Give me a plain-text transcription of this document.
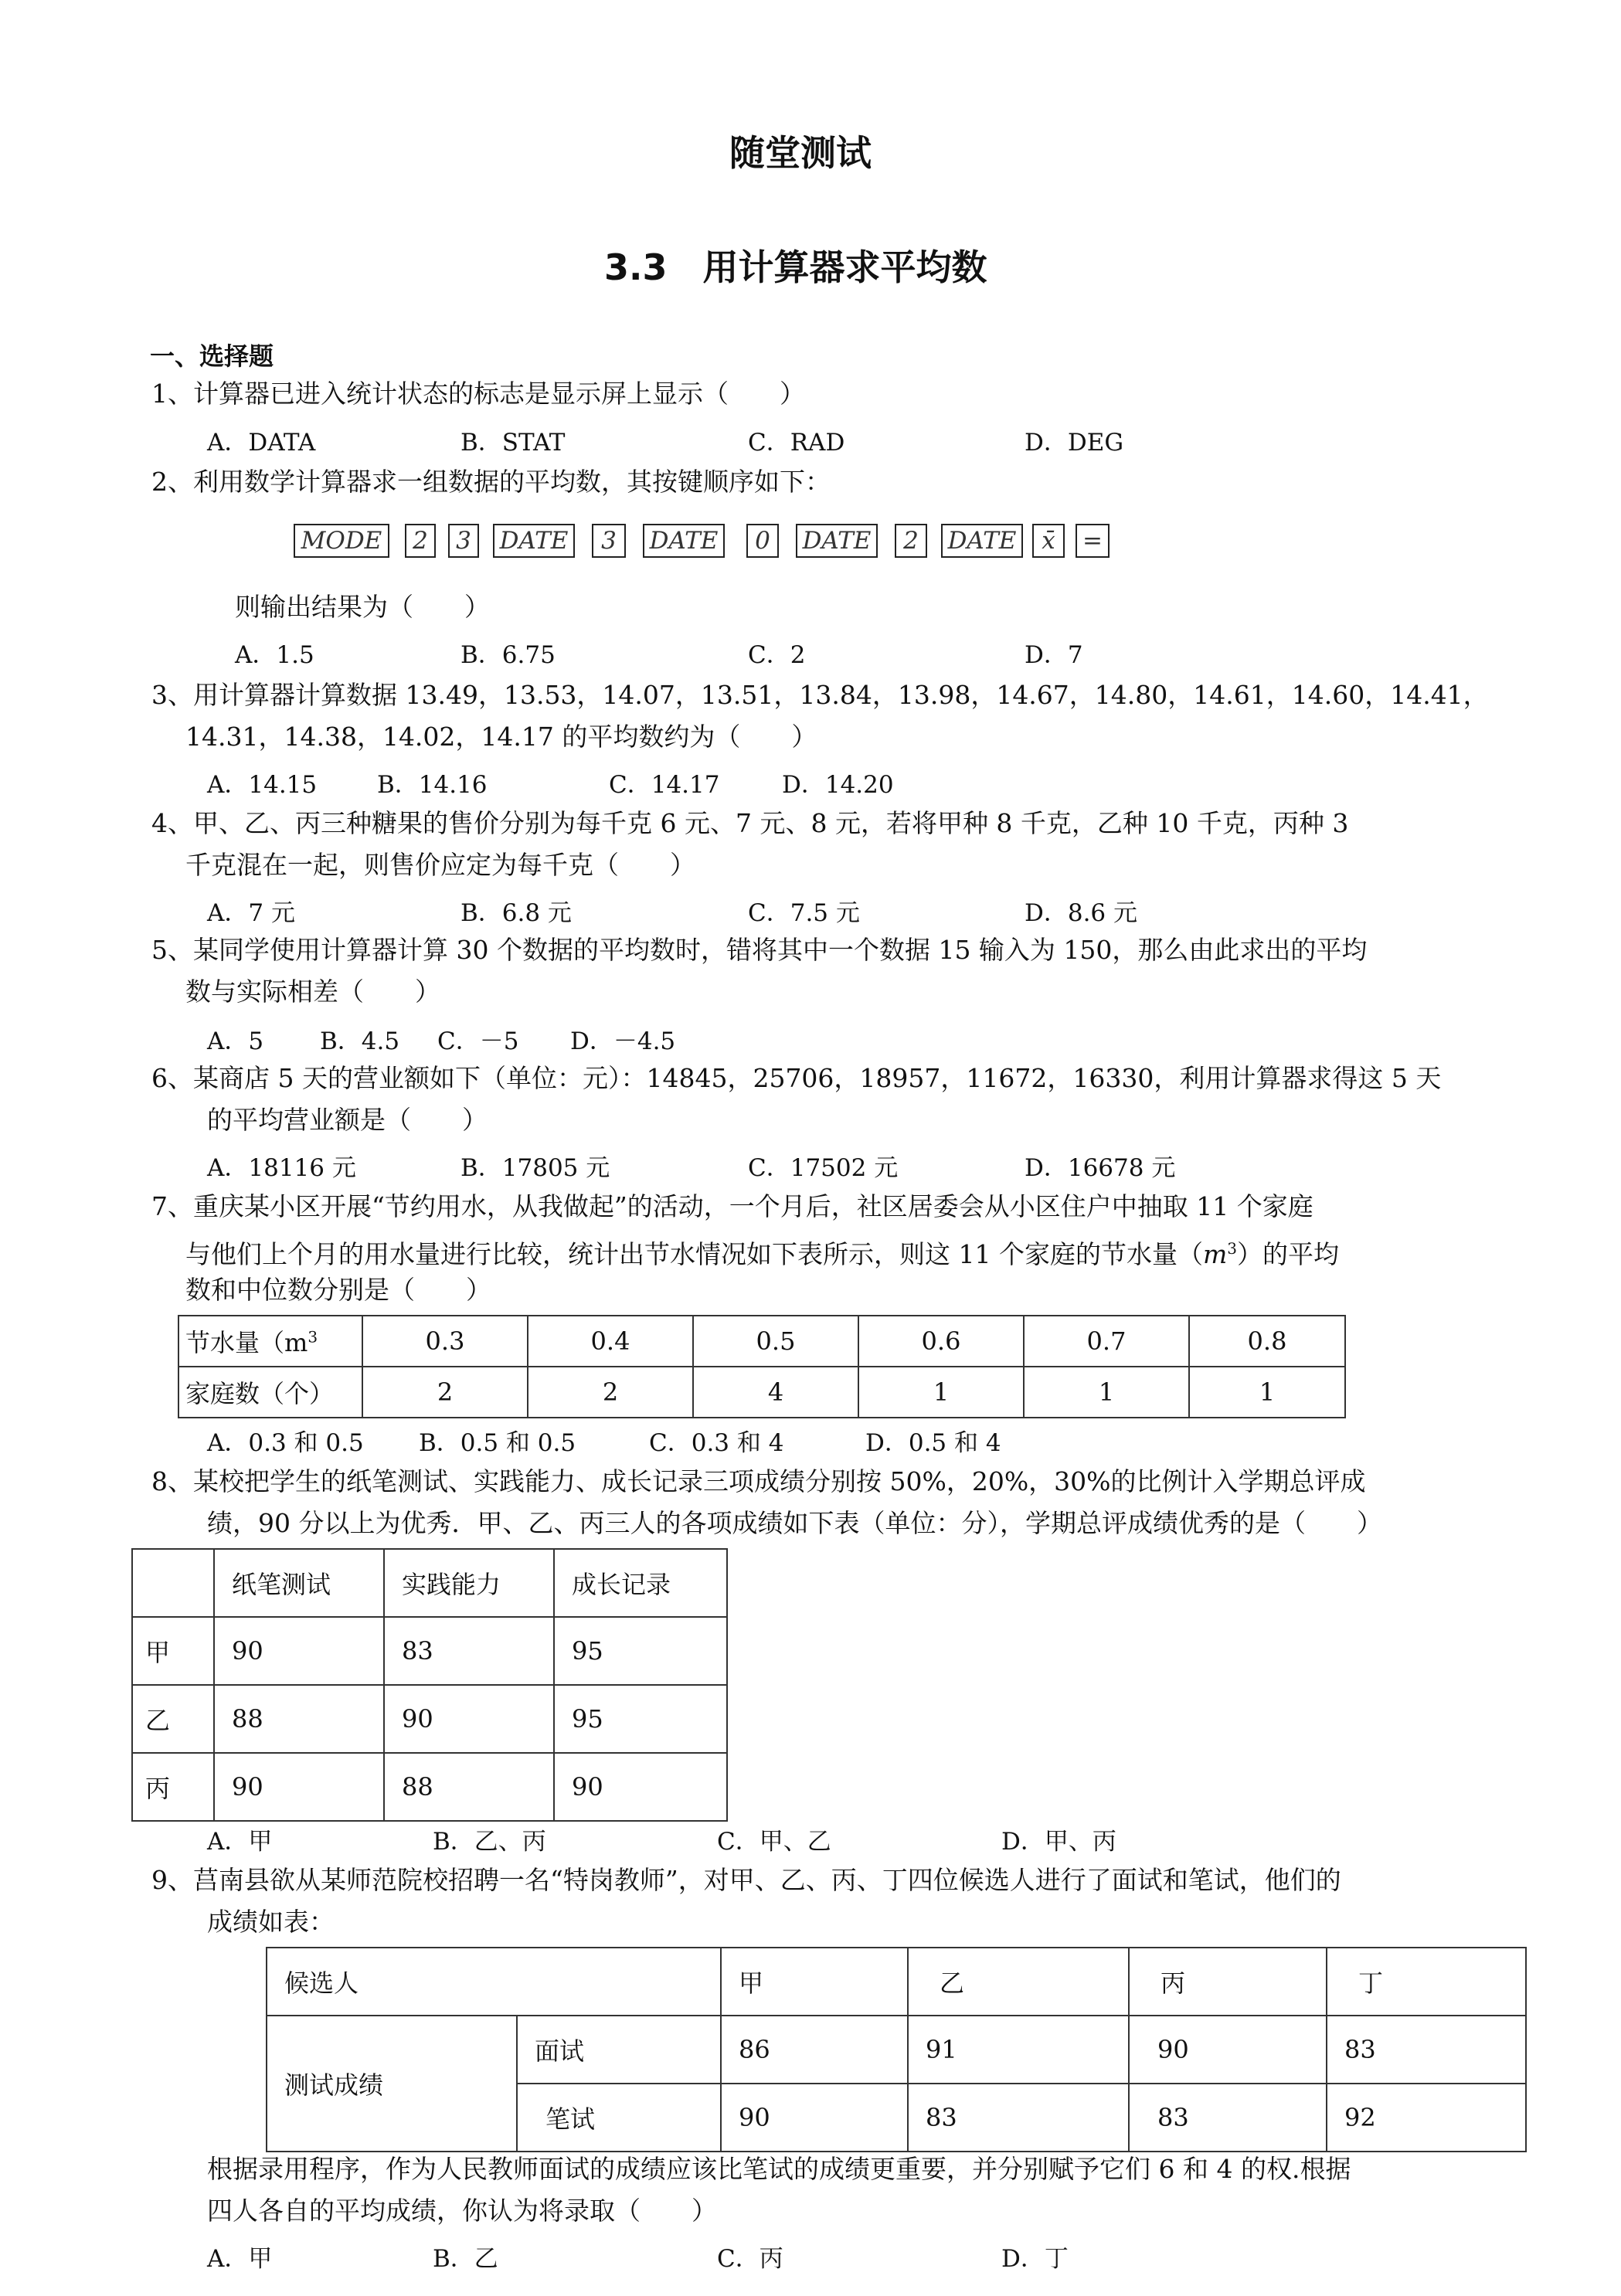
随堂测试
3.3　用计算器求平均数
一、选择题
1、计算器已进入统计状态的标志是显示屏上显示（　　）
A．DATA	B．STAT	C．RAD	D．DEG
2、利用数学计算器求一组数据的平均数，其按键顺序如下：
MODE	2	3	DATE	3	DATE	0	DATE	2	DATE	x̄	=
则输出结果为（　　）
A．1.5	B．6.75	C．2	D．7
3、用计算器计算数据 13.49，13.53，14.07，13.51，13.84，13.98，14.67，14.80，14.61，14.60，14.41，
14.31，14.38，14.02，14.17 的平均数约为（　　）
A．14.15	B．14.16	C．14.17	D．14.20
4、甲、乙、丙三种糖果的售价分别为每千克 6 元、7 元、8 元，若将甲种 8 千克，乙种 10 千克，丙种 3
千克混在一起，则售价应定为每千克（　　）
A．7 元	B．6.8 元	C．7.5 元	D．8.6 元
5、某同学使用计算器计算 30 个数据的平均数时，错将其中一个数据 15 输入为 150，那么由此求出的平均
数与实际相差（　　）
A．5 B．4.5 C．－5 D．－4.5
6、某商店 5 天的营业额如下（单位：元）：14845，25706，18957，11672，16330，利用计算器求得这 5 天
的平均营业额是（　　）
A．18116 元	B．17805 元	C．17502 元	D．16678 元
7、重庆某小区开展“节约用水，从我做起”的活动，一个月后，社区居委会从小区住户中抽取 11 个家庭
与他们上个月的用水量进行比较，统计出节水情况如下表所示，则这 11 个家庭的节水量$(m^3)$的平均
数和中位数分别是（　　）
节水量（$m^3$	0.3	0.4	0.5	0.6	0.7	0.8
家庭数（个）	2	2	4	1	1	1
A．0.3 和 0.5 B．0.5 和 0.5	C．0.3 和 4	D．0.5 和 4
8、某校把学生的纸笔测试、实践能力、成长记录三项成绩分别按 50%，20%，30%的比例计入学期总评成
绩，90 分以上为优秀．甲、乙、丙三人的各项成绩如下表（单位：分），学期总评成绩优秀的是（　　）
	纸笔测试	实践能力	成长记录
甲	90	83	95
乙	88	90	95
丙	90	88	90
A．甲	B．乙、丙	C．甲、乙	D．甲、丙
9、莒南县欲从某师范院校招聘一名“特岗教师”，对甲、乙、丙、丁四位候选人进行了面试和笔试，他们的
成绩如表：
候选人		甲	乙	丙	丁
测试成绩	面试	86	91	90	83
	笔试	90	83	83	92
根据录用程序，作为人民教师面试的成绩应该比笔试的成绩更重要，并分别赋予它们 6 和 4 的权.根据
四人各自的平均成绩，你认为将录取（　　）
A．甲	B．乙	C．丙	D．丁
